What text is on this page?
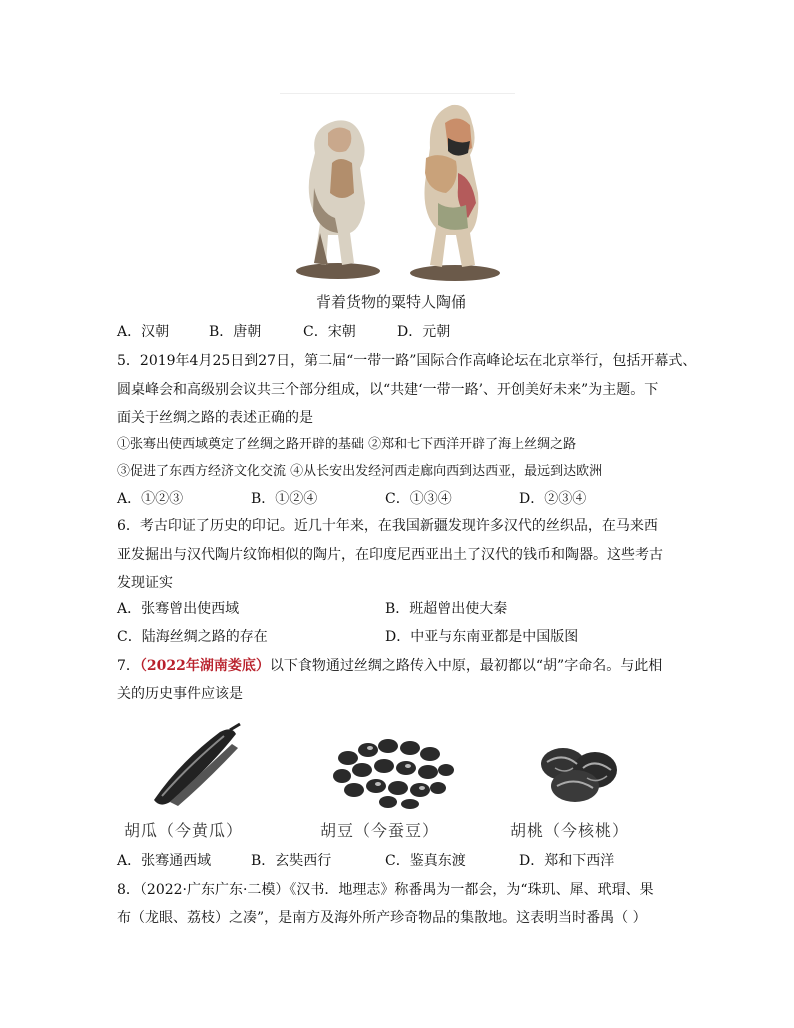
背着货物的粟特人陶俑
A．汉朝	B．唐朝	C．宋朝	D．元朝
5．2019年4月25日到27日，第二届“一带一路”国际合作高峰论坛在北京举行，包括开幕式、
圆桌峰会和高级别会议共三个部分组成，以“共建‘一带一路’、开创美好未来”为主题。下
面关于丝绸之路的表述正确的是
①张骞出使西域奠定了丝绸之路开辟的基础 ②郑和七下西洋开辟了海上丝绸之路
③促进了东西方经济文化交流 ④从长安出发经河西走廊向西到达西亚，最远到达欧洲
A．①②③	B．①②④	C．①③④	D．②③④
6．考古印证了历史的印记。近几十年来，在我国新疆发现许多汉代的丝织品，在马来西
亚发掘出与汉代陶片纹饰相似的陶片，在印度尼西亚出土了汉代的钱币和陶器。这些考古
发现证实
A．张骞曾出使西域	B．班超曾出使大秦
C．陆海丝绸之路的存在	D．中亚与东南亚都是中国版图
7．（2022年湖南娄底）以下食物通过丝绸之路传入中原，最初都以“胡”字命名。与此相
关的历史事件应该是
胡瓜（今黄瓜）	胡豆（今蚕豆）	胡桃（今核桃）
A．张骞通西域	B．玄奘西行	C．鉴真东渡	D．郑和下西洋
8．（2022·广东广东·二模）《汉书．地理志》称番禺为一都会，为“珠玑、犀、玳瑁、果
布（龙眼、荔枝）之凑”，是南方及海外所产珍奇物品的集散地。这表明当时番禺（ ）
